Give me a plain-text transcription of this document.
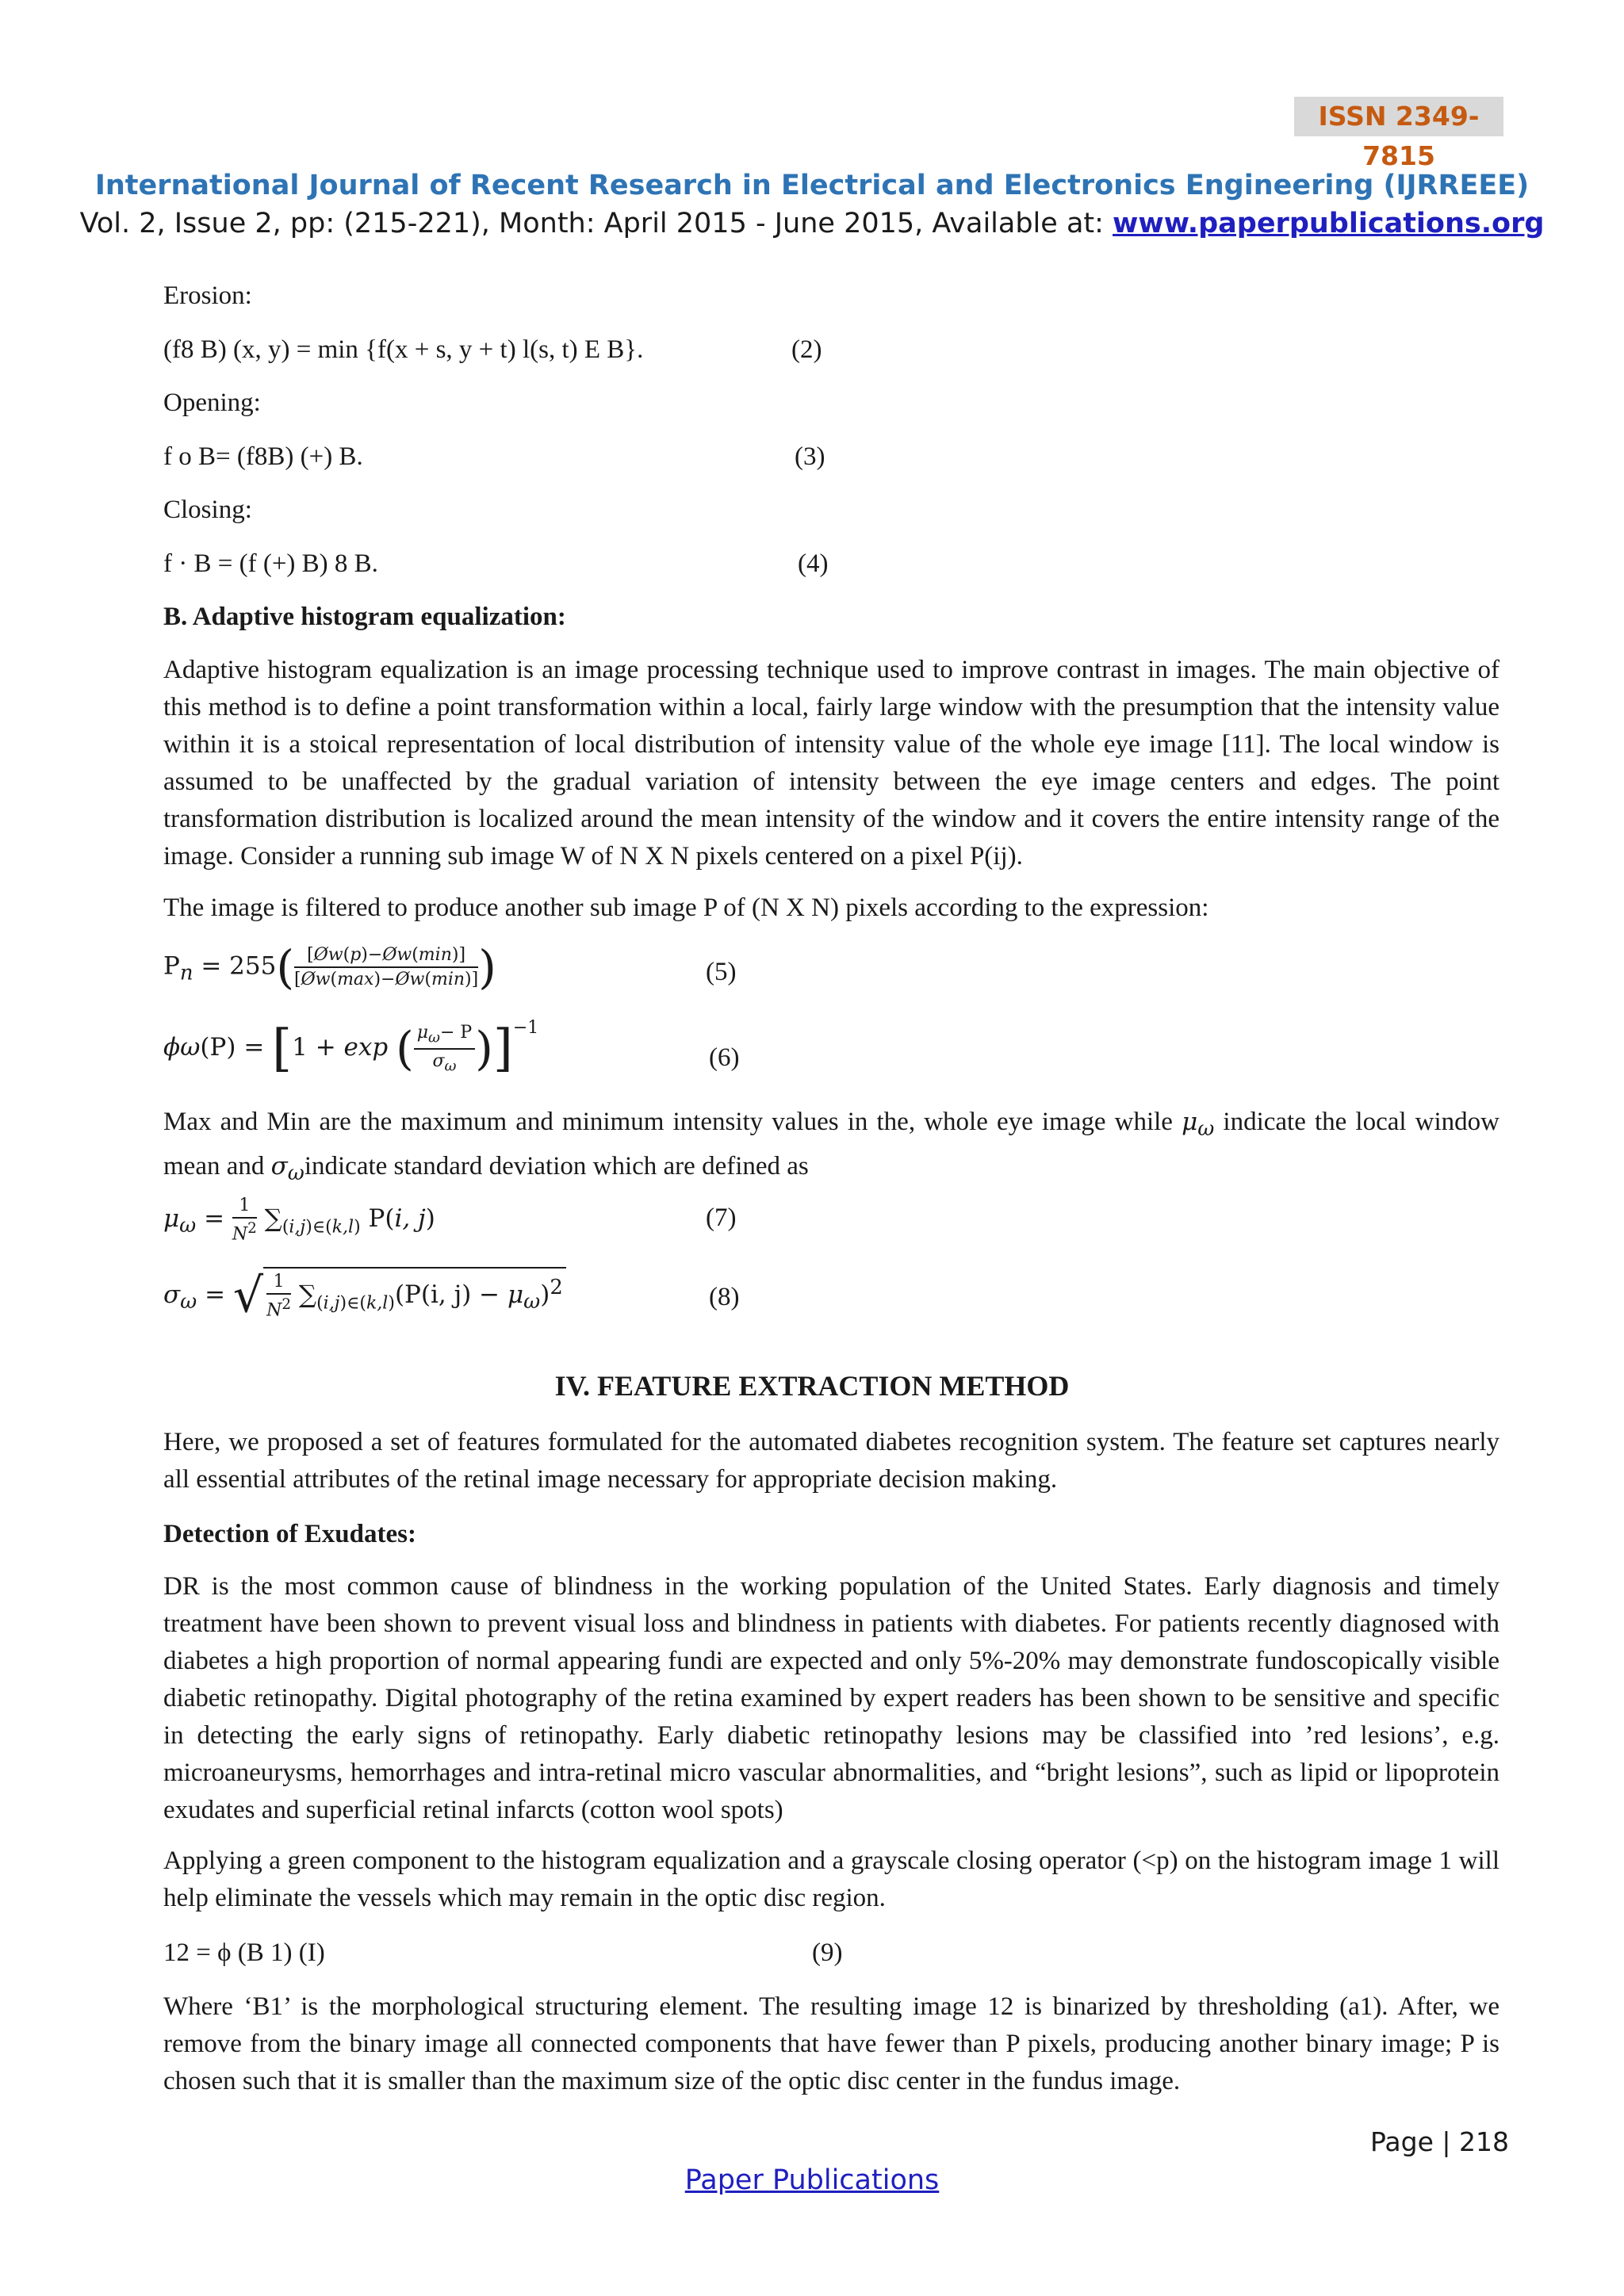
ISSN 2349-7815
International Journal of Recent Research in Electrical and Electronics Engineering (IJRREEE)
Vol. 2, Issue 2, pp: (215-221), Month: April 2015 - June 2015, Available at: www.paperpublications.org
Erosion:
(f8 B) (x, y) = min {f(x + s, y + t) l(s, t) E B}.	(2)
Opening:
f o B= (f8B) (+) B.	(3)
Closing:
f · B = (f (+) B) 8 B.	(4)
B. Adaptive histogram equalization:
Adaptive histogram equalization is an image processing technique used to improve contrast in images. The main objective of this method is to define a point transformation within a local, fairly large window with the presumption that the intensity value within it is a stoical representation of local distribution of intensity value of the whole eye image [11]. The local window is assumed to be unaffected by the gradual variation of intensity between the eye image centers and edges. The point transformation distribution is localized around the mean intensity of the window and it covers the entire intensity range of the image. Consider a running sub image W of N X N pixels centered on a pixel P(ij).
The image is filtered to produce another sub image P of (N X N) pixels according to the expression:
$P_n = 255( \frac{[Øw(p)-Øw(\min)]}{[Øw(\max)-Øw(\min)]}$ )	(5)
ϕω(P) = [1 + exp ( $\frac{\mu_\omega- P}{\sigma_\omega} )]^{-1}$
(6)
Max and Min are the maximum and minimum intensity values in the, whole eye image while $\mu_\omega$ indicate the local window mean and $\sigma_\omega indicate$ standard deviation which are defined as
$\mu_\omega = \frac{1}{N^2} \sum_{(i,j)\in(k,l)}$ P(i, j)	(7)
$\sigma_\omega$ = √ $\frac{1}{N^2} \sum_{(i,j)\in(k,l)}(P(i$, $j) - \mu_\omega)^2$	(8)
IV. FEATURE EXTRACTION METHOD
Here, we proposed a set of features formulated for the automated diabetes recognition system. The feature set captures nearly all essential attributes of the retinal image necessary for appropriate decision making.
Detection of Exudates:
DR is the most common cause of blindness in the working population of the United States. Early diagnosis and timely treatment have been shown to prevent visual loss and blindness in patients with diabetes. For patients recently diagnosed with diabetes a high proportion of normal appearing fundi are expected and only 5%-20% may demonstrate fundoscopically visible diabetic retinopathy. Digital photography of the retina examined by expert readers has been shown to be sensitive and specific in detecting the early signs of retinopathy. Early diabetic retinopathy lesions may be classified into ’red lesions’, e.g. microaneurysms, hemorrhages and intra-retinal micro vascular abnormalities, and “bright lesions”, such as lipid or lipoprotein exudates and superficial retinal infarcts (cotton wool spots)
Applying a green component to the histogram equalization and a grayscale closing operator (<p) on the histogram image 1 will help eliminate the vessels which may remain in the optic disc region.
12 = ϕ (B 1) (I)	(9)
Where ‘B1’ is the morphological structuring element. The resulting image 12 is binarized by thresholding (a1). After, we remove from the binary image all connected components that have fewer than P pixels, producing another binary image; P is chosen such that it is smaller than the maximum size of the optic disc center in the fundus image.
Page | 218
Paper Publications
